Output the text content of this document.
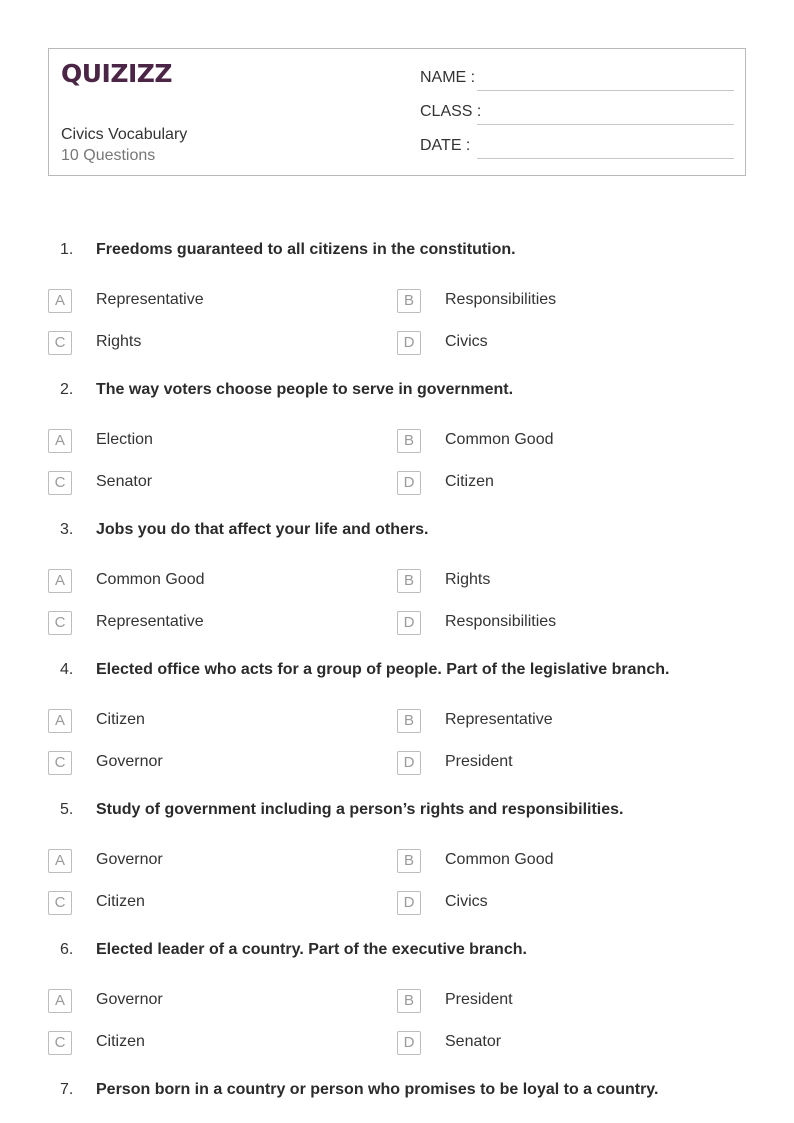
QUIZIZZ
Civics Vocabulary
10 Questions
NAME :
CLASS :
DATE :
1. Freedoms guaranteed to all citizens in the constitution.
A	Representative	B	Responsibilities
C	Rights	D	Civics
2. The way voters choose people to serve in government.
A	Election	B	Common Good
C	Senator	D	Citizen
3. Jobs you do that affect your life and others.
A	Common Good	B	Rights
C	Representative	D	Responsibilities
4. Elected office who acts for a group of people. Part of the legislative branch.
A	Citizen	B	Representative
C	Governor	D	President
5. Study of government including a person’s rights and responsibilities.
A	Governor	B	Common Good
C	Citizen	D	Civics
6. Elected leader of a country. Part of the executive branch.
A	Governor	B	President
C	Citizen	D	Senator
7. Person born in a country or person who promises to be loyal to a country.
